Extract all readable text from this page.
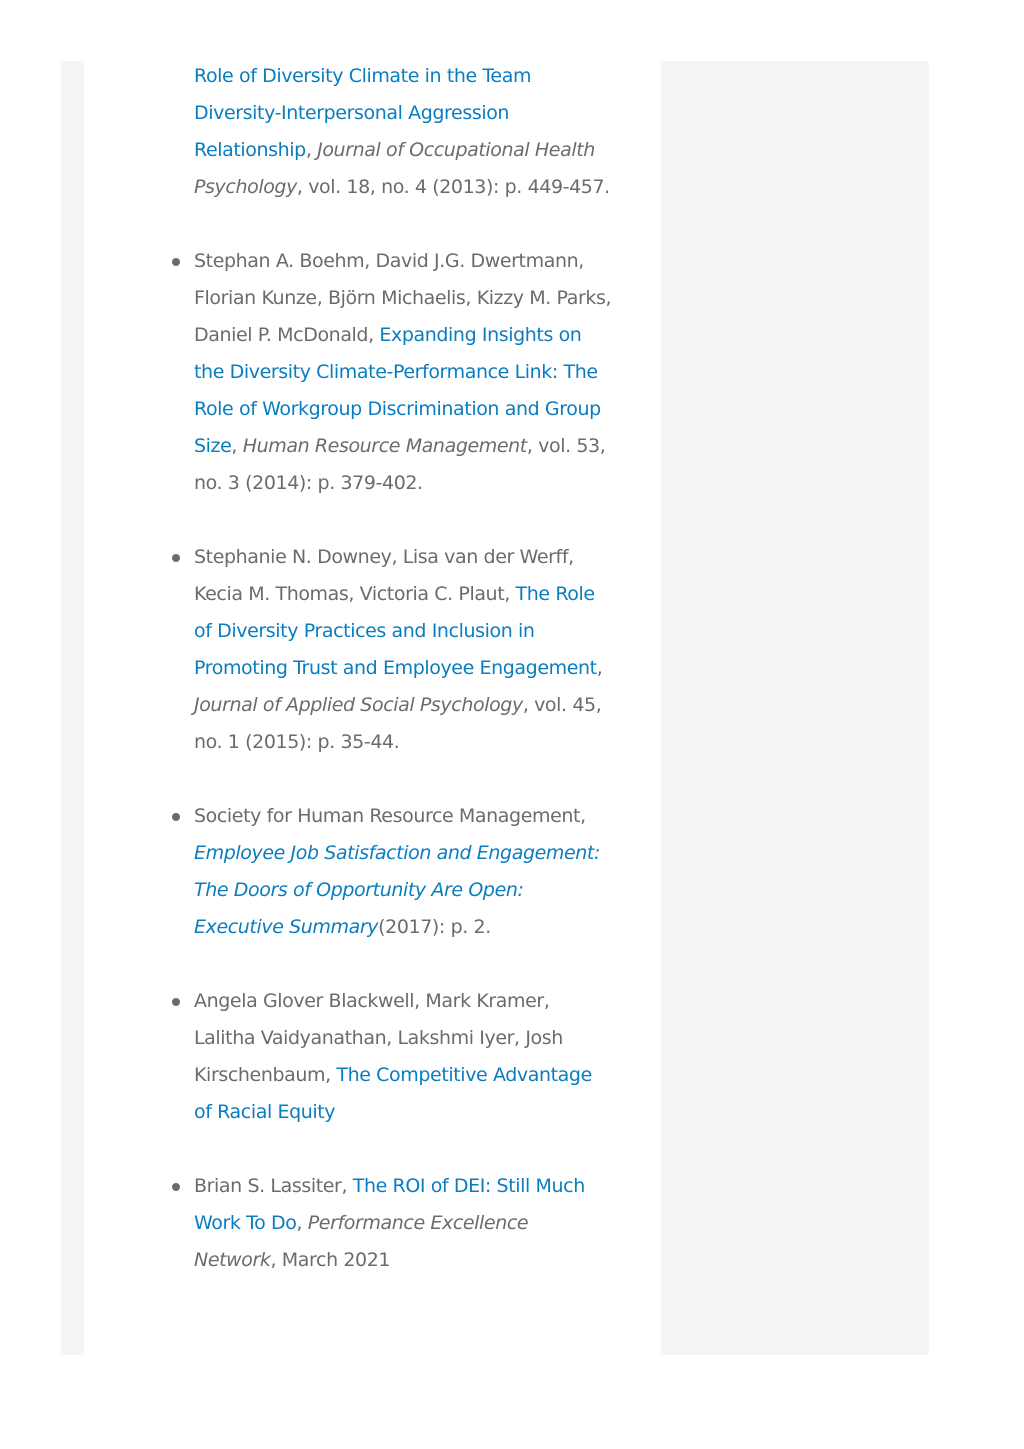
Role of Diversity Climate in the Team Diversity-Interpersonal Aggression Relationship, Journal of Occupational Health Psychology, vol. 18, no. 4 (2013): p. 449-457.

Stephan A. Boehm, David J.G. Dwertmann, Florian Kunze, Björn Michaelis, Kizzy M. Parks, Daniel P. McDonald, Expanding Insights on the Diversity Climate-Performance Link: The Role of Workgroup Discrimination and Group Size, Human Resource Management, vol. 53, no. 3 (2014): p. 379-402.

Stephanie N. Downey, Lisa van der Werff, Kecia M. Thomas, Victoria C. Plaut, The Role of Diversity Practices and Inclusion in Promoting Trust and Employee Engagement, Journal of Applied Social Psychology, vol. 45, no. 1 (2015): p. 35-44.

Society for Human Resource Management, Employee Job Satisfaction and Engagement: The Doors of Opportunity Are Open: Executive Summary(2017): p. 2.

Angela Glover Blackwell, Mark Kramer, Lalitha Vaidyanathan, Lakshmi Iyer, Josh Kirschenbaum, The Competitive Advantage of Racial Equity

Brian S. Lassiter, The ROI of DEI: Still Much Work To Do, Performance Excellence Network, March 2021
